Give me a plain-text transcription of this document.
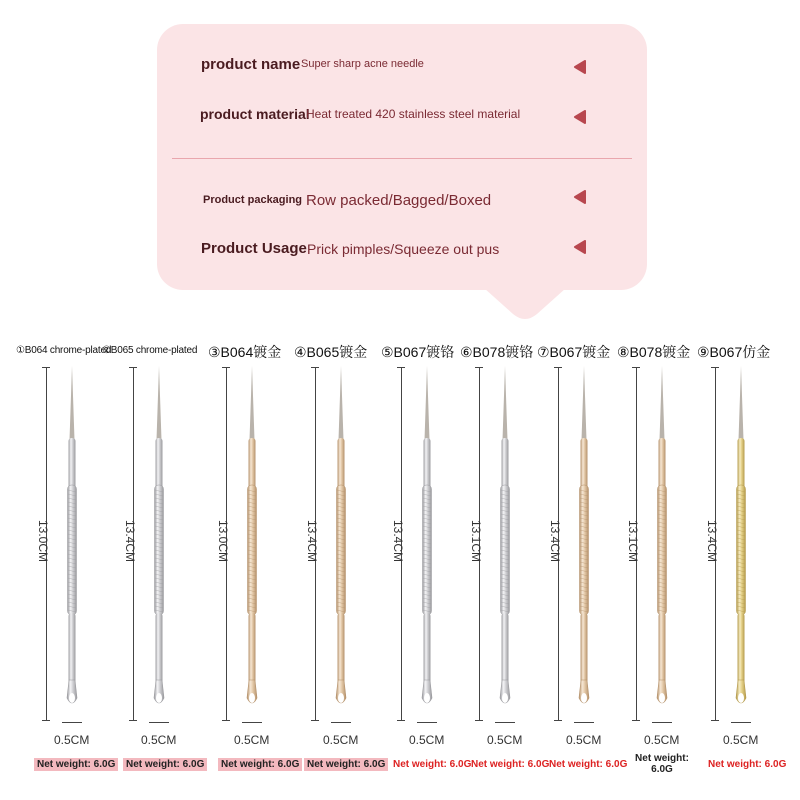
product name Super sharp acne needle
product material
Heat treated 420 stainless steel material
Product packaging Row packed/Bagged/Boxed
Product Usage Prick pimples/Squeeze out pus
①B064 chrome-plated
13.0CM
0.5CM
Net weight: 6.0G
②B065 chrome-plated
13.4CM
0.5CM
Net weight: 6.0G
③B064镀金
13.0CM
0.5CM
Net weight: 6.0G
④B065镀金
13.4CM
0.5CM
Net weight: 6.0G
⑤B067镀铬
13.4CM
0.5CM
Net weight: 6.0G
⑥B078镀铬
13.1CM
0.5CM
Net weight: 6.0G
⑦B067镀金
13.4CM
0.5CM
Net weight: 6.0G
⑧B078镀金
13.1CM
0.5CM
Net weight: 6.0G
⑨B067仿金
13.4CM
0.5CM
Net weight: 6.0G
